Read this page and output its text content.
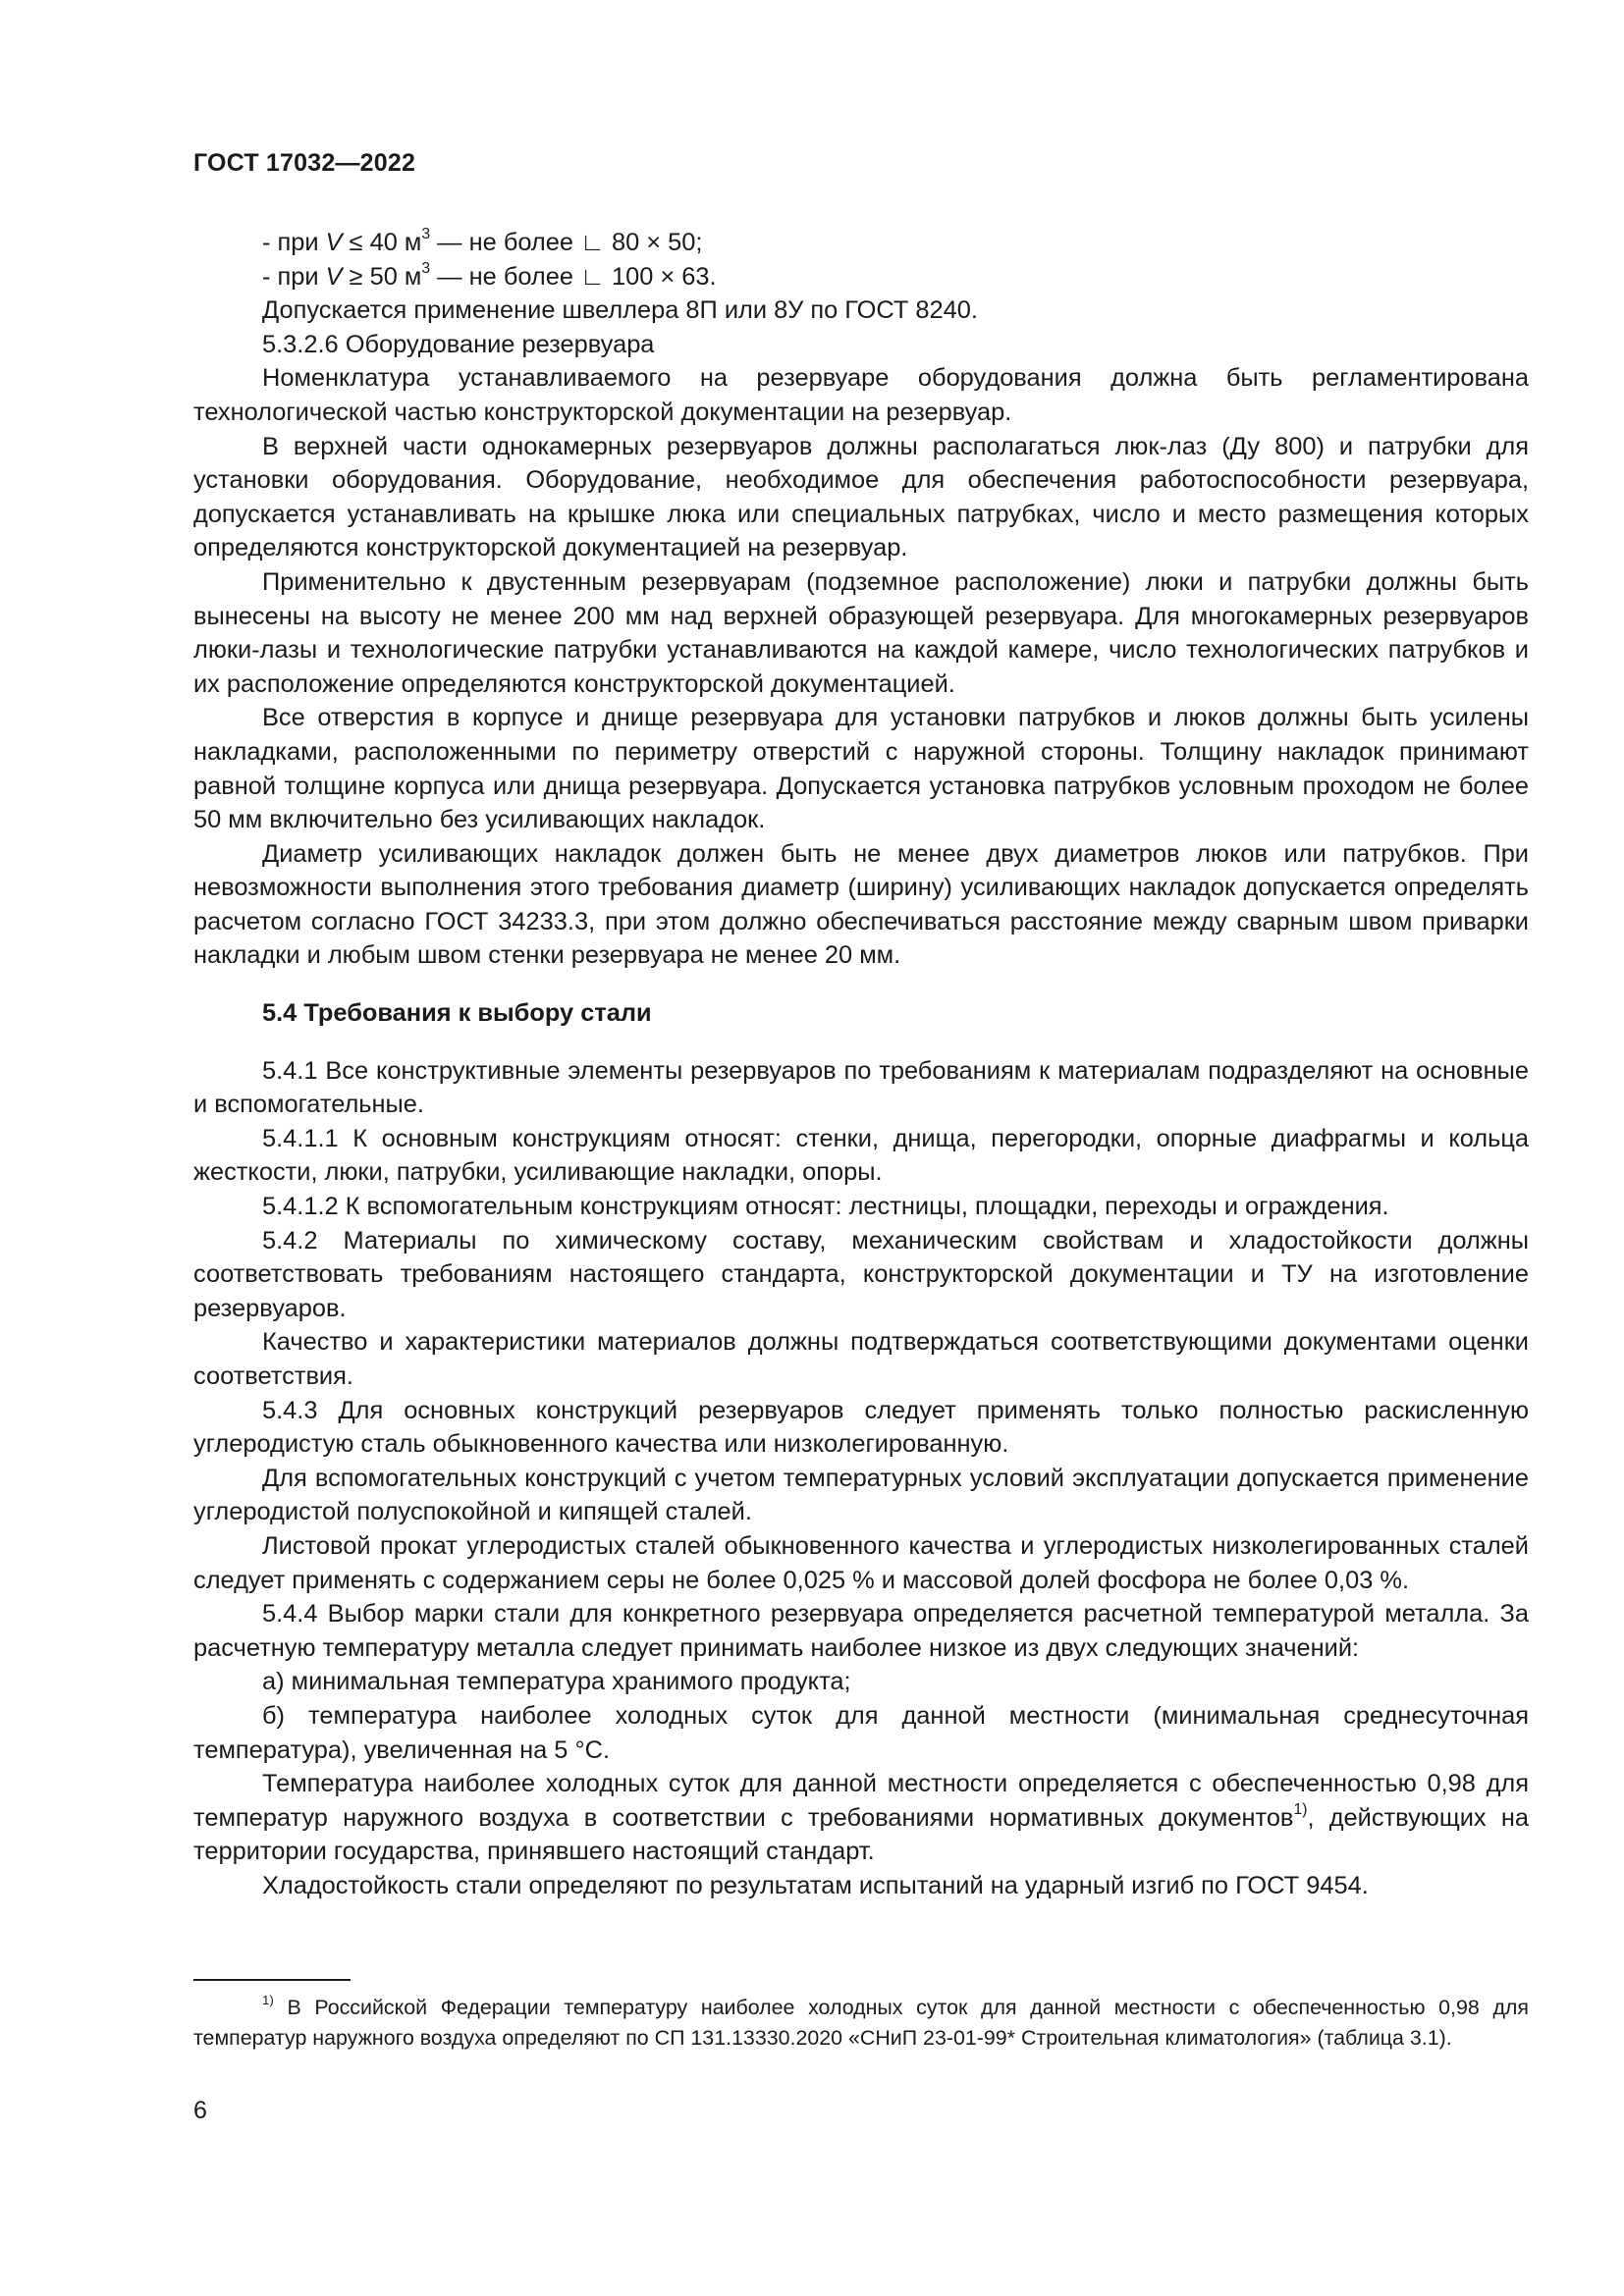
ГОСТ 17032—2022

- при V ≤ 40 $м^3$ — не более ∟ 80 × 50;

- при V ≥ 50 $м^3$ — не более ∟ 100 × 63.

Допускается применение швеллера 8П или 8У по ГОСТ 8240.

5.3.2.6 Оборудование резервуара

Номенклатура устанавливаемого на резервуаре оборудования должна быть регламентирована технологической частью конструкторской документации на резервуар.

В верхней части однокамерных резервуаров должны располагаться люк-лаз (Ду 800) и патрубки для установки оборудования. Оборудование, необходимое для обеспечения работоспособности резервуара, допускается устанавливать на крышке люка или специальных патрубках, число и место размещения которых определяются конструкторской документацией на резервуар.

Применительно к двустенным резервуарам (подземное расположение) люки и патрубки должны быть вынесены на высоту не менее 200 мм над верхней образующей резервуара. Для многокамерных резервуаров люки-лазы и технологические патрубки устанавливаются на каждой камере, число технологических патрубков и их расположение определяются конструкторской документацией.

Все отверстия в корпусе и днище резервуара для установки патрубков и люков должны быть усилены накладками, расположенными по периметру отверстий с наружной стороны. Толщину накладок принимают равной толщине корпуса или днища резервуара. Допускается установка патрубков условным проходом не более 50 мм включительно без усиливающих накладок.

Диаметр усиливающих накладок должен быть не менее двух диаметров люков или патрубков. При невозможности выполнения этого требования диаметр (ширину) усиливающих накладок допускается определять расчетом согласно ГОСТ 34233.3, при этом должно обеспечиваться расстояние между сварным швом приварки накладки и любым швом стенки резервуара не менее 20 мм.

5.4 Требования к выбору стали

5.4.1 Все конструктивные элементы резервуаров по требованиям к материалам подразделяют на основные и вспомогательные.

5.4.1.1 К основным конструкциям относят: стенки, днища, перегородки, опорные диафрагмы и кольца жесткости, люки, патрубки, усиливающие накладки, опоры.

5.4.1.2 К вспомогательным конструкциям относят: лестницы, площадки, переходы и ограждения.

5.4.2 Материалы по химическому составу, механическим свойствам и хладостойкости должны соответствовать требованиям настоящего стандарта, конструкторской документации и ТУ на изготовление резервуаров.

Качество и характеристики материалов должны подтверждаться соответствующими документами оценки соответствия.

5.4.3 Для основных конструкций резервуаров следует применять только полностью раскисленную углеродистую сталь обыкновенного качества или низколегированную.

Для вспомогательных конструкций с учетом температурных условий эксплуатации допускается применение углеродистой полуспокойной и кипящей сталей.

Листовой прокат углеродистых сталей обыкновенного качества и углеродистых низколегированных сталей следует применять с содержанием серы не более 0,025 % и массовой долей фосфора не более 0,03 %.

5.4.4 Выбор марки стали для конкретного резервуара определяется расчетной температурой металла. За расчетную температуру металла следует принимать наиболее низкое из двух следующих значений:

а) минимальная температура хранимого продукта;

б) температура наиболее холодных суток для данной местности (минимальная среднесуточная температура), увеличенная на 5 °С.

Температура наиболее холодных суток для данной местности определяется с обеспеченностью 0,98 для температур наружного воздуха в соответствии с требованиями нормативных документов$^{1)}$, действующих на территории государства, принявшего настоящий стандарт.

Хладостойкость стали определяют по результатам испытаний на ударный изгиб по ГОСТ 9454.

$^{1)}$ В Российской Федерации температуру наиболее холодных суток для данной местности с обеспеченностью 0,98 для температур наружного воздуха определяют по СП 131.13330.2020 «СНиП 23-01-99* Строительная климатология» (таблица 3.1).
6
